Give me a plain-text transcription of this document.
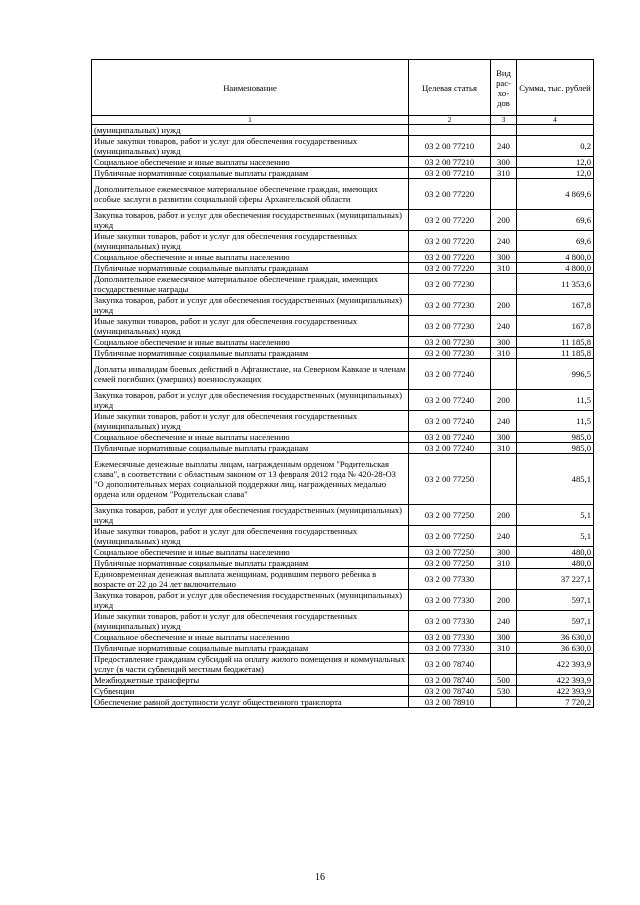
Наименование	Целевая статья	Вид рас-хо-дов	Сумма, тыс. рублей
1	2	3	4
(муниципальных) нужд			
Иные закупки товаров, работ и услуг для обеспечения государственных (муниципальных) нужд	03 2 00 77210	240	0,2
Социальное обеспечение и иные выплаты населению	03 2 00 77210	300	12,0
Публичные нормативные социальные выплаты гражданам	03 2 00 77210	310	12,0
Дополнительное ежемесячное материальное обеспечение граждан, имеющих особые заслуги в развитии социальной сферы Архангельской области	03 2 00 77220		4 869,6
Закупка товаров, работ и услуг для обеспечения государственных (муниципальных) нужд	03 2 00 77220	200	69,6
Иные закупки товаров, работ и услуг для обеспечения государственных (муниципальных) нужд	03 2 00 77220	240	69,6
Социальное обеспечение и иные выплаты населению	03 2 00 77220	300	4 800,0
Публичные нормативные социальные выплаты гражданам	03 2 00 77220	310	4 800,0
Дополнительное ежемесячное материальное обеспечение граждан, имеющих государственные награды	03 2 00 77230		11 353,6
Закупка товаров, работ и услуг для обеспечения государственных (муниципальных) нужд	03 2 00 77230	200	167,8
Иные закупки товаров, работ и услуг для обеспечения государственных (муниципальных) нужд	03 2 00 77230	240	167,8
Социальное обеспечение и иные выплаты населению	03 2 00 77230	300	11 185,8
Публичные нормативные социальные выплаты гражданам	03 2 00 77230	310	11 185,8
Доплаты инвалидам боевых действий в Афганистане, на Северном Кавказе и членам семей погибших (умерших) военнослужащих	03 2 00 77240		996,5
Закупка товаров, работ и услуг для обеспечения государственных (муниципальных) нужд	03 2 00 77240	200	11,5
Иные закупки товаров, работ и услуг для обеспечения государственных (муниципальных) нужд	03 2 00 77240	240	11,5
Социальное обеспечение и иные выплаты населению	03 2 00 77240	300	985,0
Публичные нормативные социальные выплаты гражданам	03 2 00 77240	310	985,0
Ежемесячные денежные выплаты лицам, награжденным орденом "Родительская слава", в соответствии с областным законом от 13 февраля 2012 года № 420-28-ОЗ "О дополнительных мерах социальной поддержки лиц, награжденных медалью ордена или орденом "Родительская слава"	03 2 00 77250		485,1
Закупка товаров, работ и услуг для обеспечения государственных (муниципальных) нужд	03 2 00 77250	200	5,1
Иные закупки товаров, работ и услуг для обеспечения государственных (муниципальных) нужд	03 2 00 77250	240	5,1
Социальное обеспечение и иные выплаты населению	03 2 00 77250	300	480,0
Публичные нормативные социальные выплаты гражданам	03 2 00 77250	310	480,0
Единовременная денежная выплата женщинам, родившим первого ребенка в возрасте от 22 до 24 лет включительно	03 2 00 77330		37 227,1
Закупка товаров, работ и услуг для обеспечения государственных (муниципальных) нужд	03 2 00 77330	200	597,1
Иные закупки товаров, работ и услуг для обеспечения государственных (муниципальных) нужд	03 2 00 77330	240	597,1
Социальное обеспечение и иные выплаты населению	03 2 00 77330	300	36 630,0
Публичные нормативные социальные выплаты гражданам	03 2 00 77330	310	36 630,0
Предоставление гражданам субсидий на оплату жилого помещения и коммунальных услуг (в части субвенций местным бюджетам)	03 2 00 78740		422 393,9
Межбюджетные трансферты	03 2 00 78740	500	422 393,9
Субвенции	03 2 00 78740	530	422 393,9
Обеспечение равной доступности услуг общественного транспорта	03 2 00 78910		7 720,2
16
